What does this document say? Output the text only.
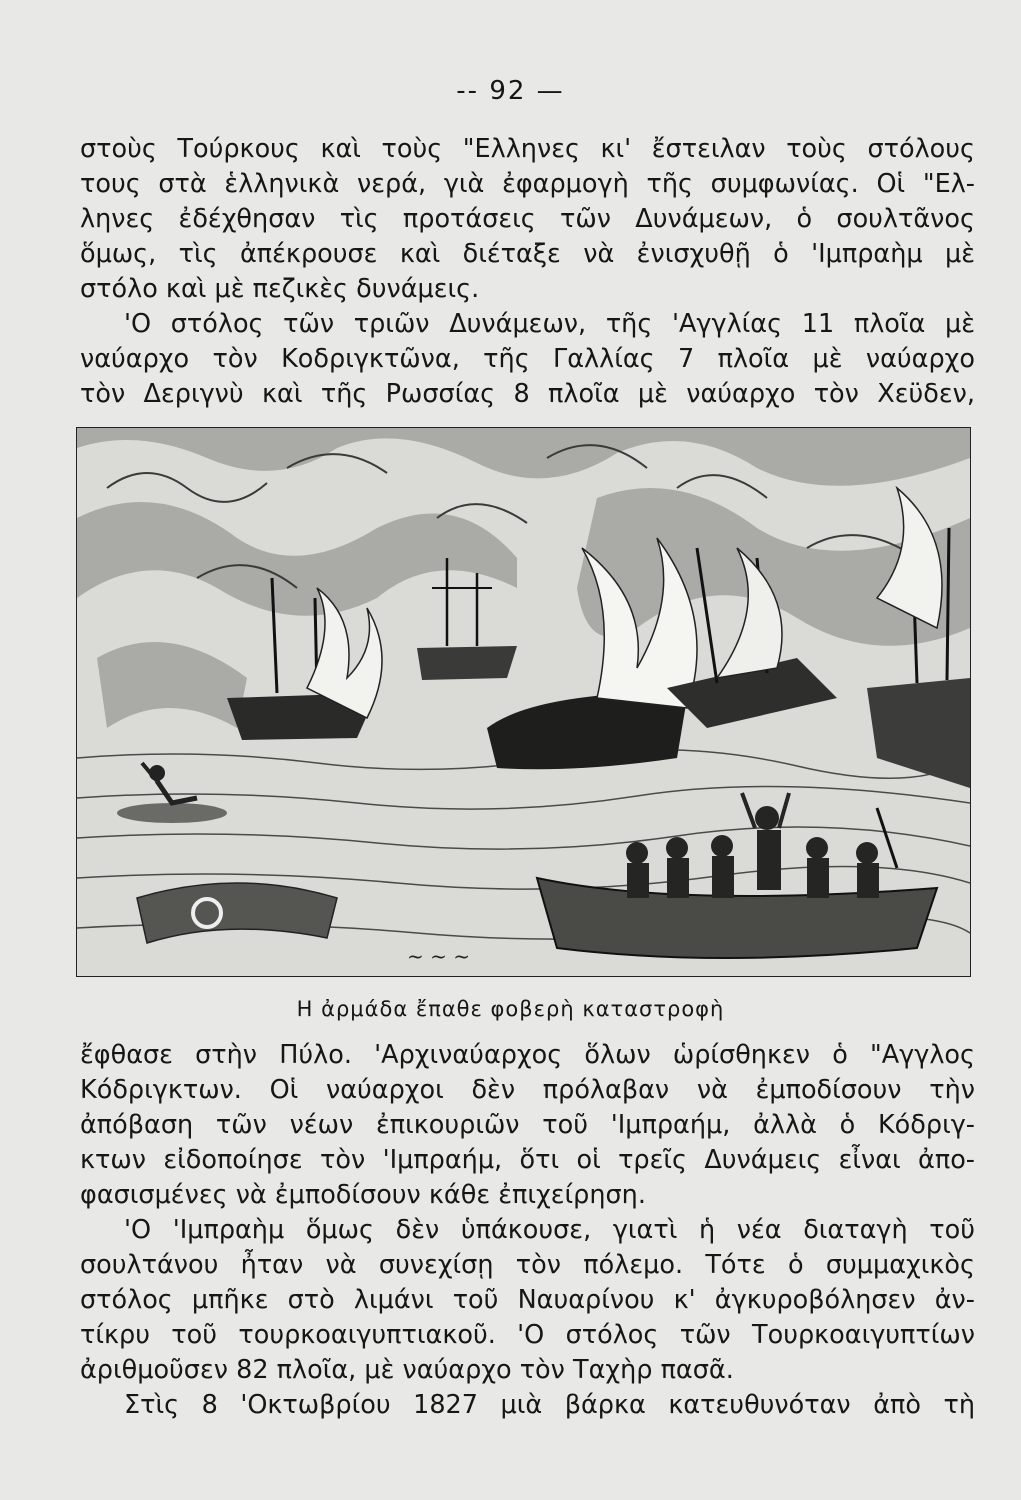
-- 92 —
στοὺς Τούρκους καὶ τοὺς "Ελληνες κι' ἔστειλαν τοὺς στόλους
τους στὰ ἑλληνικὰ νερά, γιὰ ἐφαρμογὴ τῆς συμφωνίας. Οἱ "Ελ-
ληνες ἐδέχθησαν τὶς προτάσεις τῶν Δυνάμεων, ὁ σουλτᾶνος
ὅμως, τὶς ἀπέκρουσε καὶ διέταξε νὰ ἐνισχυθῇ ὁ 'Ιμπραὴμ μὲ
στόλο καὶ μὲ πεζικὲς δυνάμεις.
'Ο στόλος τῶν τριῶν Δυνάμεων, τῆς 'Αγγλίας 11 πλοῖα μὲ
ναύαρχο τὸν Κοδριγκτῶνα, τῆς Γαλλίας 7 πλοῖα μὲ ναύαρχο
τὸν Δεριγνὺ καὶ τῆς Ρωσσίας 8 πλοῖα μὲ ναύαρχο τὸν Χεϋδεν,
~ ~ ~
Η ἀρμάδα ἔπαθε φοβερὴ καταστροφὴ
ἔφθασε στὴν Πύλο. 'Αρχιναύαρχος ὅλων ὡρίσθηκεν ὁ "Αγγλος
Κόδριγκτων. Οἱ ναύαρχοι δὲν πρόλαβαν νὰ ἐμποδίσουν τὴν
ἀπόβαση τῶν νέων ἐπικουριῶν τοῦ 'Ιμπραήμ, ἀλλὰ ὁ Κόδριγ-
κτων εἰδοποίησε τὸν 'Ιμπραήμ, ὅτι οἱ τρεῖς Δυνάμεις εἶναι ἀπο-
φασισμένες νὰ ἐμποδίσουν κάθε ἐπιχείρηση.
'Ο 'Ιμπραὴμ ὅμως δὲν ὑπάκουσε, γιατὶ ἡ νέα διαταγὴ τοῦ
σουλτάνου ἦταν νὰ συνεχίσῃ τὸν πόλεμο. Τότε ὁ συμμαχικὸς
στόλος μπῆκε στὸ λιμάνι τοῦ Ναυαρίνου κ' ἀγκυροβόλησεν ἀν-
τίκρυ τοῦ τουρκοαιγυπτιακοῦ. 'Ο στόλος τῶν Τουρκοαιγυπτίων
ἀριθμοῦσεν 82 πλοῖα, μὲ ναύαρχο τὸν Ταχὴρ πασᾶ.
Στὶς 8 'Οκτωβρίου 1827 μιὰ βάρκα κατευθυνόταν ἀπὸ τὴ
